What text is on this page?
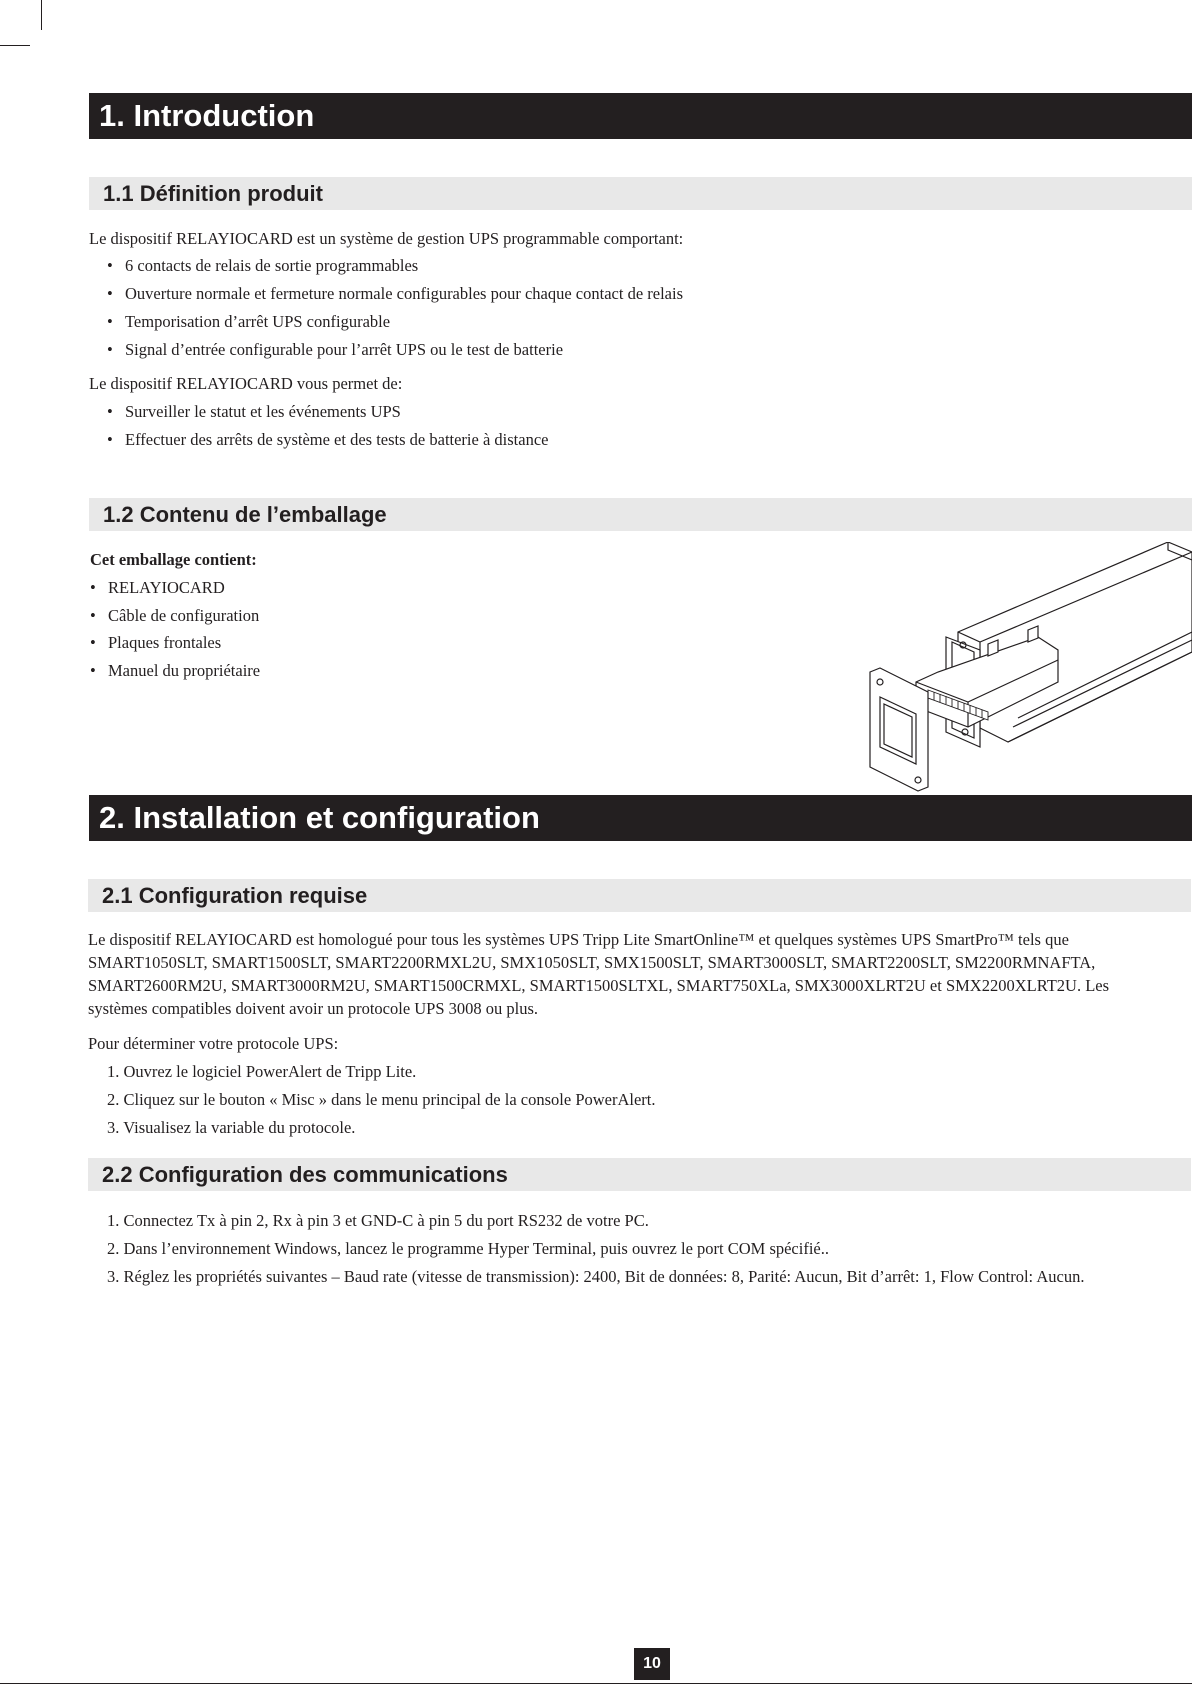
1. Introduction
1.1 Définition produit
Le dispositif RELAYIOCARD est un système de gestion UPS programmable comportant:
• 6 contacts de relais de sortie programmables
• Ouverture normale et fermeture normale configurables pour chaque contact de relais
• Temporisation d’arrêt UPS configurable
• Signal d’entrée configurable pour l’arrêt UPS ou le test de batterie
Le dispositif RELAYIOCARD vous permet de:
• Surveiller le statut et les événements UPS
• Effectuer des arrêts de système et des tests de batterie à distance
1.2 Contenu de l’emballage
Cet emballage contient:
• RELAYIOCARD
• Câble de configuration
• Plaques frontales
• Manuel du propriétaire
2. Installation et configuration
2.1 Configuration requise
Le dispositif RELAYIOCARD est homologué pour tous les systèmes UPS Tripp Lite SmartOnline™ et quelques systèmes UPS SmartPro™ tels que
SMART1050SLT, SMART1500SLT, SMART2200RMXL2U, SMX1050SLT, SMX1500SLT, SMART3000SLT, SMART2200SLT, SM2200RMNAFTA,
SMART2600RM2U, SMART3000RM2U, SMART1500CRMXL, SMART1500SLTXL, SMART750XLa, SMX3000XLRT2U et SMX2200XLRT2U. Les
systèmes compatibles doivent avoir un protocole UPS 3008 ou plus.
Pour déterminer votre protocole UPS:
1. Ouvrez le logiciel PowerAlert de Tripp Lite.
2. Cliquez sur le bouton « Misc » dans le menu principal de la console PowerAlert.
3. Visualisez la variable du protocole.
2.2 Configuration des communications
1. Connectez Tx à pin 2, Rx à pin 3 et GND-C à pin 5 du port RS232 de votre PC.
2. Dans l’environnement Windows, lancez le programme Hyper Terminal, puis ouvrez le port COM spécifié..
3. Réglez les propriétés suivantes – Baud rate (vitesse de transmission): 2400, Bit de données: 8, Parité: Aucun, Bit d’arrêt: 1, Flow Control: Aucun.
10
